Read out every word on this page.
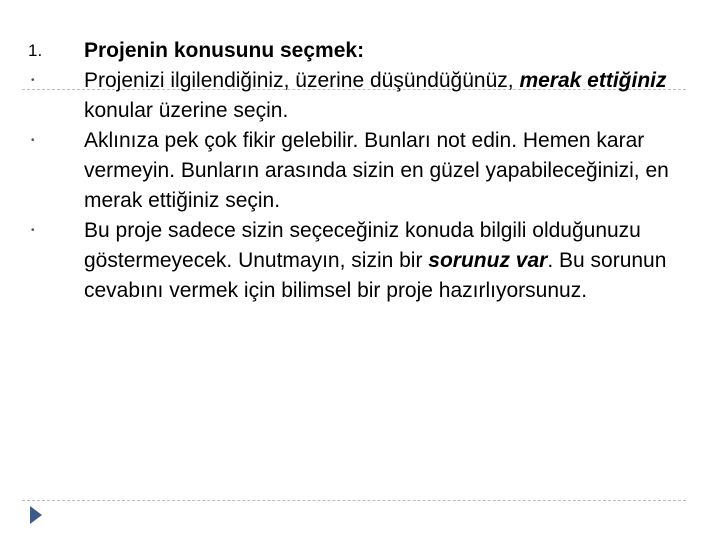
1.	Projenin konusunu seçmek:
•	Projenizi ilgilendiğiniz, üzerine düşündüğünüz, merak ettiğiniz konular üzerine seçin.
•	Aklınıza pek çok fikir gelebilir. Bunları not edin. Hemen karar vermeyin. Bunların arasında sizin en güzel yapabileceğinizi, en merak ettiğiniz seçin.
•	Bu proje sadece sizin seçeceğiniz konuda bilgili olduğunuzu göstermeyecek. Unutmayın, sizin bir sorunuz var. Bu sorunun cevabını vermek için bilimsel bir proje hazırlıyorsunuz.
